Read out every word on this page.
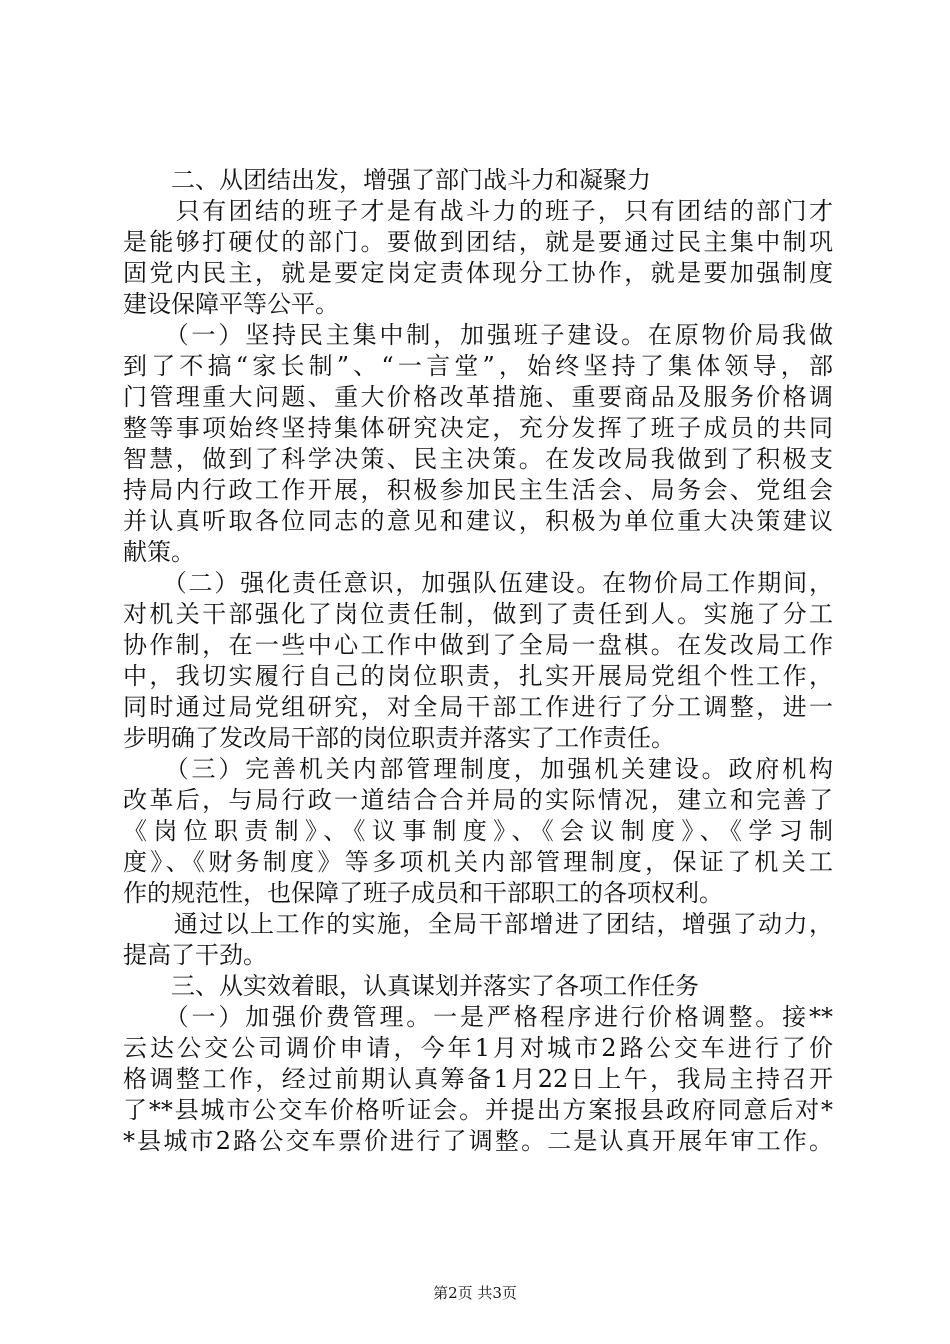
　　二、从团结出发，增强了部门战斗力和凝聚力
　　只有团结的班子才是有战斗力的班子，只有团结的部门才
是能够打硬仗的部门。要做到团结，就是要通过民主集中制巩
固党内民主，就是要定岗定责体现分工协作，就是要加强制度
建设保障平等公平。
　　（一）坚持民主集中制，加强班子建设。在原物价局我做
到了不搞“家长制”、“一言堂”，始终坚持了集体领导，部
门管理重大问题、重大价格改革措施、重要商品及服务价格调
整等事项始终坚持集体研究决定，充分发挥了班子成员的共同
智慧，做到了科学决策、民主决策。在发改局我做到了积极支
持局内行政工作开展，积极参加民主生活会、局务会、党组会
并认真听取各位同志的意见和建议，积极为单位重大决策建议
献策。
　　（二）强化责任意识，加强队伍建设。在物价局工作期间，
对机关干部强化了岗位责任制，做到了责任到人。实施了分工
协作制，在一些中心工作中做到了全局一盘棋。在发改局工作
中，我切实履行自己的岗位职责，扎实开展局党组个性工作，
同时通过局党组研究，对全局干部工作进行了分工调整，进一
步明确了发改局干部的岗位职责并落实了工作责任。
　　（三）完善机关内部管理制度，加强机关建设。政府机构
改革后，与局行政一道结合合并局的实际情况，建立和完善了
《岗位职责制》、《议事制度》、《会议制度》、《学习制
度》、《财务制度》等多项机关内部管理制度，保证了机关工
作的规范性，也保障了班子成员和干部职工的各项权利。
　　通过以上工作的实施，全局干部增进了团结，增强了动力，
提高了干劲。
　　三、从实效着眼，认真谋划并落实了各项工作任务
　　（一）加强价费管理。一是严格程序进行价格调整。接**
云达公交公司调价申请，今年1月对城市2路公交车进行了价
格调整工作，经过前期认真筹备1月22日上午，我局主持召开
了**县城市公交车价格听证会。并提出方案报县政府同意后对*
*县城市2路公交车票价进行了调整。二是认真开展年审工作。
第2页 共3页
